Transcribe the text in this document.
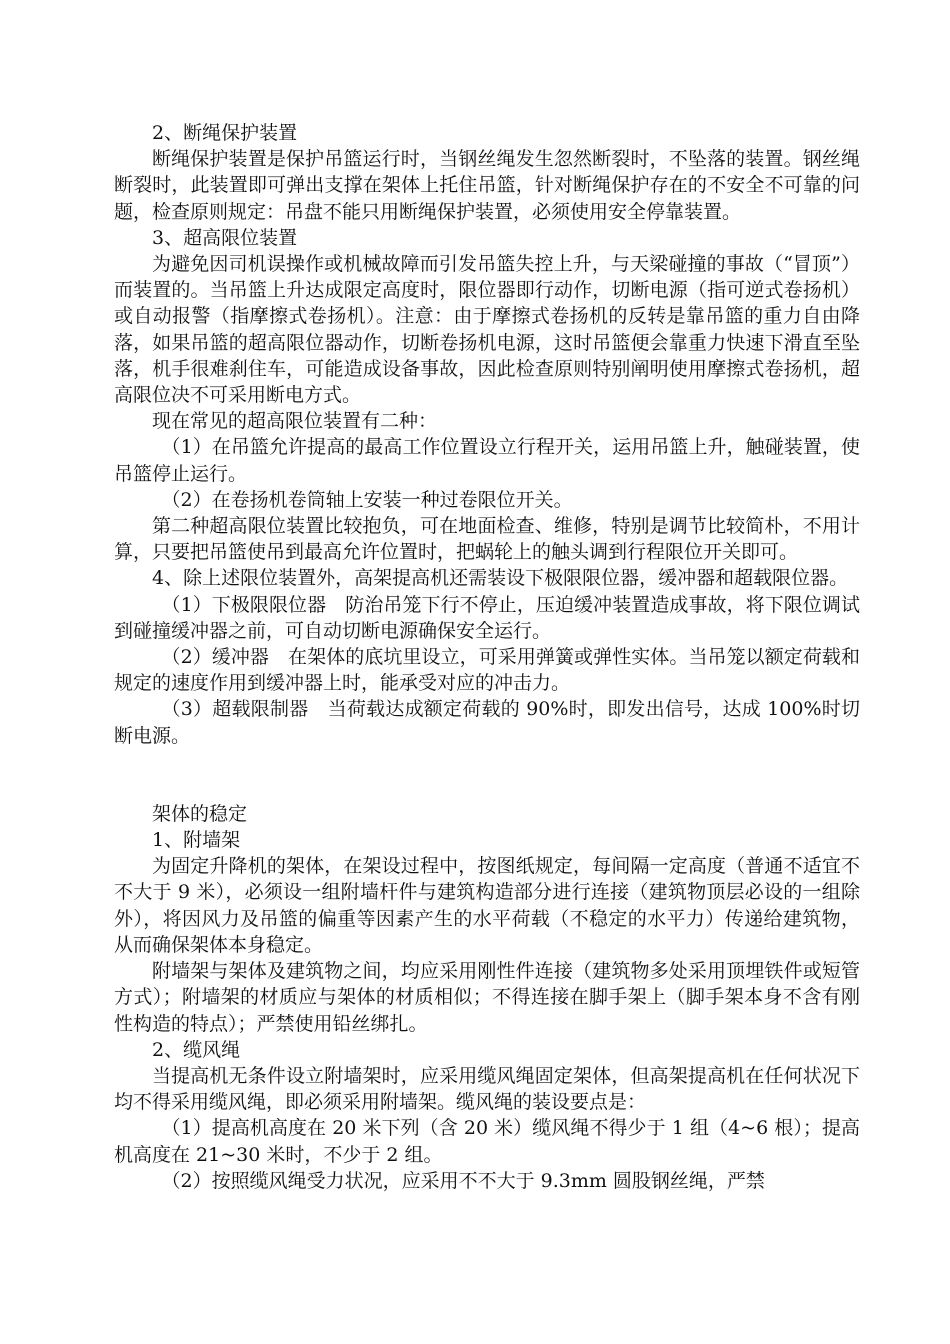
2、断绳保护装置

断绳保护装置是保护吊篮运行时，当钢丝绳发生忽然断裂时，不坠落的装置。钢丝绳断裂时，此装置即可弹出支撑在架体上托住吊篮，针对断绳保护存在的不安全不可靠的问题，检查原则规定：吊盘不能只用断绳保护装置，必须使用安全停靠装置。

3、超高限位装置

为避免因司机误操作或机械故障而引发吊篮失控上升，与天梁碰撞的事故（“冒顶”）而装置的。当吊篮上升达成限定高度时，限位器即行动作，切断电源（指可逆式卷扬机）或自动报警（指摩擦式卷扬机）。注意：由于摩擦式卷扬机的反转是靠吊篮的重力自由降落，如果吊篮的超高限位器动作，切断卷扬机电源，这时吊篮便会靠重力快速下滑直至坠落，机手很难刹住车，可能造成设备事故，因此检查原则特别阐明使用摩擦式卷扬机，超高限位决不可采用断电方式。

现在常见的超高限位装置有二种：

（1）在吊篮允许提高的最高工作位置设立行程开关，运用吊篮上升，触碰装置，使吊篮停止运行。

（2）在卷扬机卷筒轴上安装一种过卷限位开关。

第二种超高限位装置比较抱负，可在地面检查、维修，特别是调节比较简朴，不用计算，只要把吊篮使吊到最高允许位置时，把蜗轮上的触头调到行程限位开关即可。

4、除上述限位装置外，高架提高机还需装设下极限限位器，缓冲器和超载限位器。

（1）下极限限位器　防治吊笼下行不停止，压迫缓冲装置造成事故，将下限位调试到碰撞缓冲器之前，可自动切断电源确保安全运行。

（2）缓冲器　在架体的底坑里设立，可采用弹簧或弹性实体。当吊笼以额定荷载和规定的速度作用到缓冲器上时，能承受对应的冲击力。

（3）超载限制器　当荷载达成额定荷载的 90%时，即发出信号，达成 100%时切断电源。

架体的稳定

1、附墙架

为固定升降机的架体，在架设过程中，按图纸规定，每间隔一定高度（普通不适宜不不大于 9 米），必须设一组附墙杆件与建筑构造部分进行连接（建筑物顶层必设的一组除外），将因风力及吊篮的偏重等因素产生的水平荷载（不稳定的水平力）传递给建筑物，从而确保架体本身稳定。

附墙架与架体及建筑物之间，均应采用刚性件连接（建筑物多处采用顶埋铁件或短管方式）；附墙架的材质应与架体的材质相似；不得连接在脚手架上（脚手架本身不含有刚性构造的特点）；严禁使用铅丝绑扎。

2、缆风绳

当提高机无条件设立附墙架时，应采用缆风绳固定架体，但高架提高机在任何状况下均不得采用缆风绳，即必须采用附墙架。缆风绳的装设要点是：

（1）提高机高度在 20 米下列（含 20 米）缆风绳不得少于 1 组（4~6 根）；提高机高度在 21~30 米时，不少于 2 组。

（2）按照缆风绳受力状况，应采用不不大于 9.3mm 圆股钢丝绳，严禁
